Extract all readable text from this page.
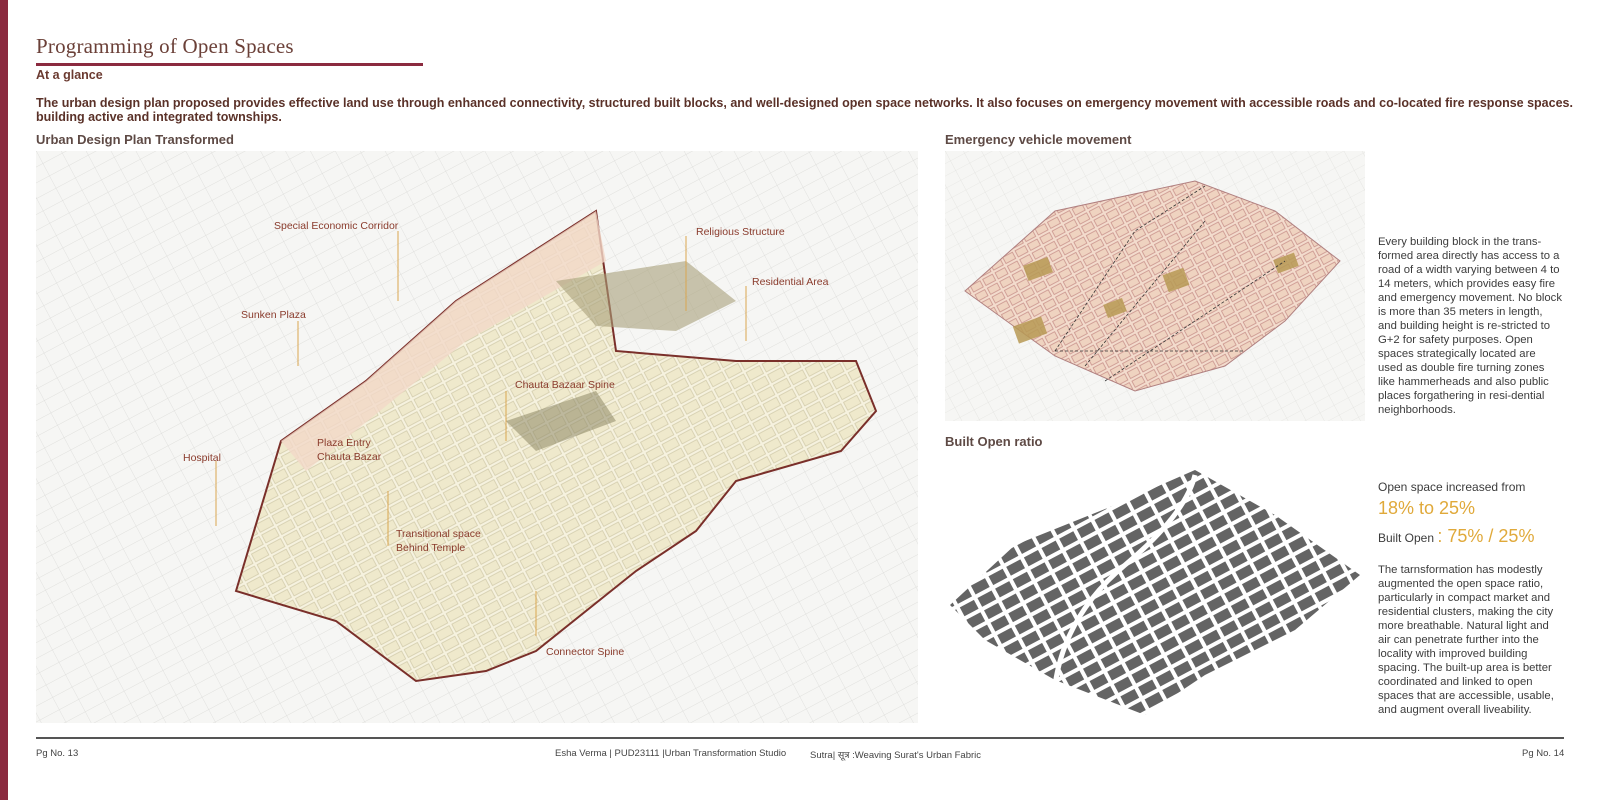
Programming of Open Spaces
At a glance
The urban design plan proposed provides effective land use through enhanced connectivity, structured built blocks, and well-designed open space networks. It also focuses on emergency movement with accessible roads and co-located fire response spaces. building active and integrated townships.
Urban Design Plan Transformed
Special Economic Corridor	Religious Structure
Residential Area
Sunken Plaza
Chauta Bazaar Spine
Plaza Entry
Chauta Bazar
Hospital
Transitional space
Behind Temple
Connector Spine
Emergency vehicle movement
Every building block in the trans-formed area directly has access to a road of a width varying between 4 to 14 meters, which provides easy fire and emergency movement. No block is more than 35 meters in length, and building height is re-stricted to G+2 for safety purposes. Open spaces strategically located are used as double fire turning zones like hammerheads and also public places forgathering in resi-dential neighborhoods.
Built Open ratio
Open space increased from
18% to 25%
Built Open : 75% / 25%
The tarnsformation has modestly augmented the open space ratio, particularly in compact market and residential clusters, making the city more breathable. Natural light and air can penetrate further into the locality with improved building spacing. The built-up area is better coordinated and linked to open spaces that are accessible, usable, and augment overall liveability.
Pg No. 13	Esha Verma | PUD23111 |Urban Transformation Studio	Sutra| सूत्र :Weaving Surat's Urban Fabric	Pg No. 14
